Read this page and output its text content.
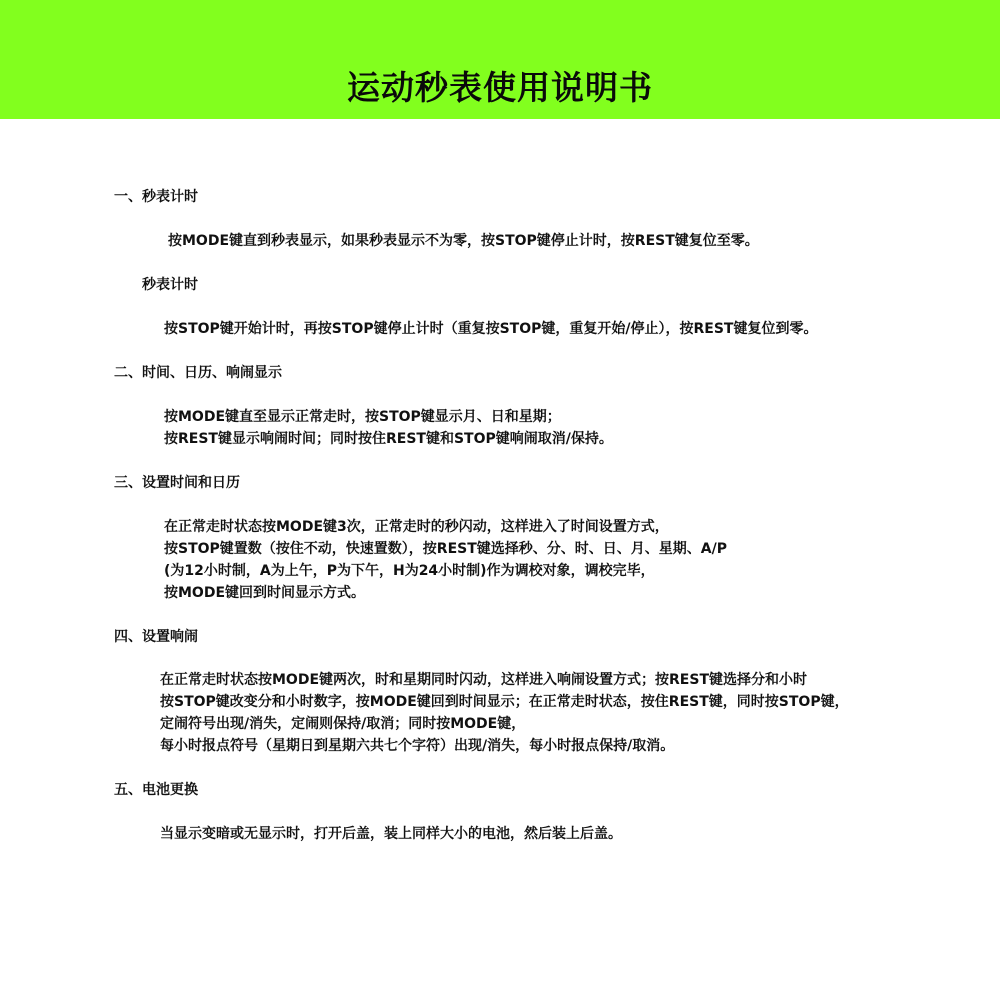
运动秒表使用说明书
一、秒表计时
按MODE键直到秒表显示，如果秒表显示不为零，按STOP键停止计时，按REST键复位至零。
秒表计时
按STOP键开始计时，再按STOP键停止计时（重复按STOP键，重复开始/停止），按REST键复位到零。
二、时间、日历、响闹显示
按MODE键直至显示正常走时，按STOP键显示月、日和星期；
按REST键显示响闹时间；同时按住REST键和STOP键响闹取消/保持。
三、设置时间和日历
在正常走时状态按MODE键3次，正常走时的秒闪动，这样进入了时间设置方式，
按STOP键置数（按住不动，快速置数），按REST键选择秒、分、时、日、月、星期、A/P
(为12小时制，A为上午，P为下午，H为24小时制)作为调校对象，调校完毕，
按MODE键回到时间显示方式。
四、设置响闹
在正常走时状态按MODE键两次，时和星期同时闪动，这样进入响闹设置方式；按REST键选择分和小时
按STOP键改变分和小时数字，按MODE键回到时间显示；在正常走时状态，按住REST键，同时按STOP键，
定闹符号出现/消失，定闹则保持/取消；同时按MODE键，
每小时报点符号（星期日到星期六共七个字符）出现/消失，每小时报点保持/取消。
五、电池更换
当显示变暗或无显示时，打开后盖，装上同样大小的电池，然后装上后盖。
